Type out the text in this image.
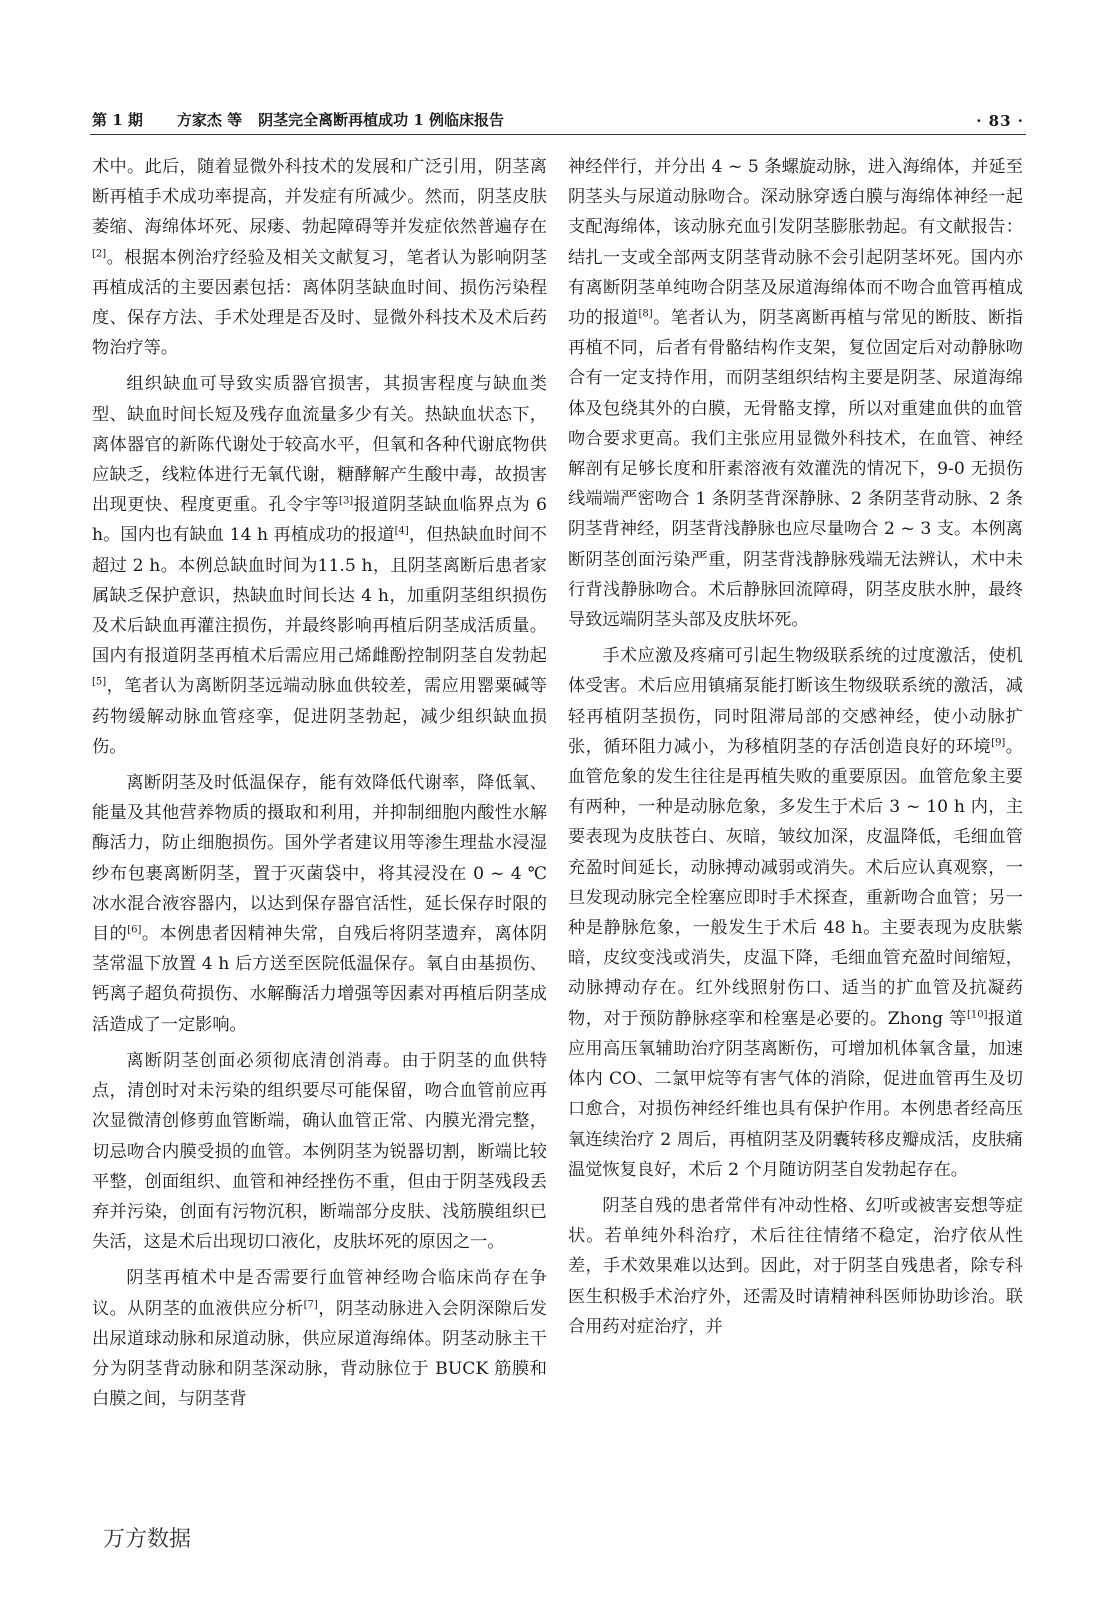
第 1 期 方家杰 等 阴茎完全离断再植成功 1 例临床报告	· 83 ·

术中。此后，随着显微外科技术的发展和广泛引用，阴茎离断再植手术成功率提高，并发症有所减少。然而，阴茎皮肤萎缩、海绵体坏死、尿瘘、勃起障碍等并发症依然普遍存在[2]。根据本例治疗经验及相关文献复习，笔者认为影响阴茎再植成活的主要因素包括：离体阴茎缺血时间、损伤污染程度、保存方法、手术处理是否及时、显微外科技术及术后药物治疗等。

组织缺血可导致实质器官损害，其损害程度与缺血类型、缺血时间长短及残存血流量多少有关。热缺血状态下，离体器官的新陈代谢处于较高水平，但氧和各种代谢底物供应缺乏，线粒体进行无氧代谢，糖酵解产生酸中毒，故损害出现更快、程度更重。孔令宇等[3]报道阴茎缺血临界点为 6 h。国内也有缺血 14 h 再植成功的报道[4]，但热缺血时间不超过 2 h。本例总缺血时间为11.5 h，且阴茎离断后患者家属缺乏保护意识，热缺血时间长达 4 h，加重阴茎组织损伤及术后缺血再灌注损伤，并最终影响再植后阴茎成活质量。国内有报道阴茎再植术后需应用己烯雌酚控制阴茎自发勃起[5]，笔者认为离断阴茎远端动脉血供较差，需应用罂粟碱等药物缓解动脉血管痉挛，促进阴茎勃起，减少组织缺血损伤。

离断阴茎及时低温保存，能有效降低代谢率，降低氧、能量及其他营养物质的摄取和利用，并抑制细胞内酸性水解酶活力，防止细胞损伤。国外学者建议用等渗生理盐水浸湿纱布包裹离断阴茎，置于灭菌袋中，将其浸没在 0 ~ 4 ℃ 冰水混合液容器内，以达到保存器官活性，延长保存时限的目的[6]。本例患者因精神失常，自残后将阴茎遗弃，离体阴茎常温下放置 4 h 后方送至医院低温保存。氧自由基损伤、钙离子超负荷损伤、水解酶活力增强等因素对再植后阴茎成活造成了一定影响。

离断阴茎创面必须彻底清创消毒。由于阴茎的血供特点，清创时对未污染的组织要尽可能保留，吻合血管前应再次显微清创修剪血管断端，确认血管正常、内膜光滑完整，切忌吻合内膜受损的血管。本例阴茎为锐器切割，断端比较平整，创面组织、血管和神经挫伤不重，但由于阴茎残段丢弃并污染，创面有污物沉积，断端部分皮肤、浅筋膜组织已失活，这是术后出现切口液化，皮肤坏死的原因之一。

阴茎再植术中是否需要行血管神经吻合临床尚存在争议。从阴茎的血液供应分析[7]，阴茎动脉进入会阴深隙后发出尿道球动脉和尿道动脉，供应尿道海绵体。阴茎动脉主干分为阴茎背动脉和阴茎深动脉，背动脉位于 BUCK 筋膜和白膜之间，与阴茎背

神经伴行，并分出 4 ~ 5 条螺旋动脉，进入海绵体，并延至阴茎头与尿道动脉吻合。深动脉穿透白膜与海绵体神经一起支配海绵体，该动脉充血引发阴茎膨胀勃起。有文献报告：结扎一支或全部两支阴茎背动脉不会引起阴茎坏死。国内亦有离断阴茎单纯吻合阴茎及尿道海绵体而不吻合血管再植成功的报道[8]。笔者认为，阴茎离断再植与常见的断肢、断指再植不同，后者有骨骼结构作支架，复位固定后对动静脉吻合有一定支持作用，而阴茎组织结构主要是阴茎、尿道海绵体及包绕其外的白膜，无骨骼支撑，所以对重建血供的血管吻合要求更高。我们主张应用显微外科技术，在血管、神经解剖有足够长度和肝素溶液有效灌洗的情况下，9-0 无损伤线端端严密吻合 1 条阴茎背深静脉、2 条阴茎背动脉、2 条阴茎背神经，阴茎背浅静脉也应尽量吻合 2 ~ 3 支。本例离断阴茎创面污染严重，阴茎背浅静脉残端无法辨认，术中未行背浅静脉吻合。术后静脉回流障碍，阴茎皮肤水肿，最终导致远端阴茎头部及皮肤坏死。

手术应激及疼痛可引起生物级联系统的过度激活，使机体受害。术后应用镇痛泵能打断该生物级联系统的激活，减轻再植阴茎损伤，同时阻滞局部的交感神经，使小动脉扩张，循环阻力减小，为移植阴茎的存活创造良好的环境[9]。血管危象的发生往往是再植失败的重要原因。血管危象主要有两种，一种是动脉危象，多发生于术后 3 ~ 10 h 内，主要表现为皮肤苍白、灰暗，皱纹加深，皮温降低，毛细血管充盈时间延长，动脉搏动减弱或消失。术后应认真观察，一旦发现动脉完全栓塞应即时手术探查，重新吻合血管；另一种是静脉危象，一般发生于术后 48 h。主要表现为皮肤紫暗，皮纹变浅或消失，皮温下降，毛细血管充盈时间缩短，动脉搏动存在。红外线照射伤口、适当的扩血管及抗凝药物，对于预防静脉痉挛和栓塞是必要的。Zhong 等[10]报道应用高压氧辅助治疗阴茎离断伤，可增加机体氧含量，加速体内 CO、二氯甲烷等有害气体的消除，促进血管再生及切口愈合，对损伤神经纤维也具有保护作用。本例患者经高压氧连续治疗 2 周后，再植阴茎及阴囊转移皮瓣成活，皮肤痛温觉恢复良好，术后 2 个月随访阴茎自发勃起存在。

阴茎自残的患者常伴有冲动性格、幻听或被害妄想等症状。若单纯外科治疗，术后往往情绪不稳定，治疗依从性差，手术效果难以达到。因此，对于阴茎自残患者，除专科医生积极手术治疗外，还需及时请精神科医师协助诊治。联合用药对症治疗，并

万方数据
